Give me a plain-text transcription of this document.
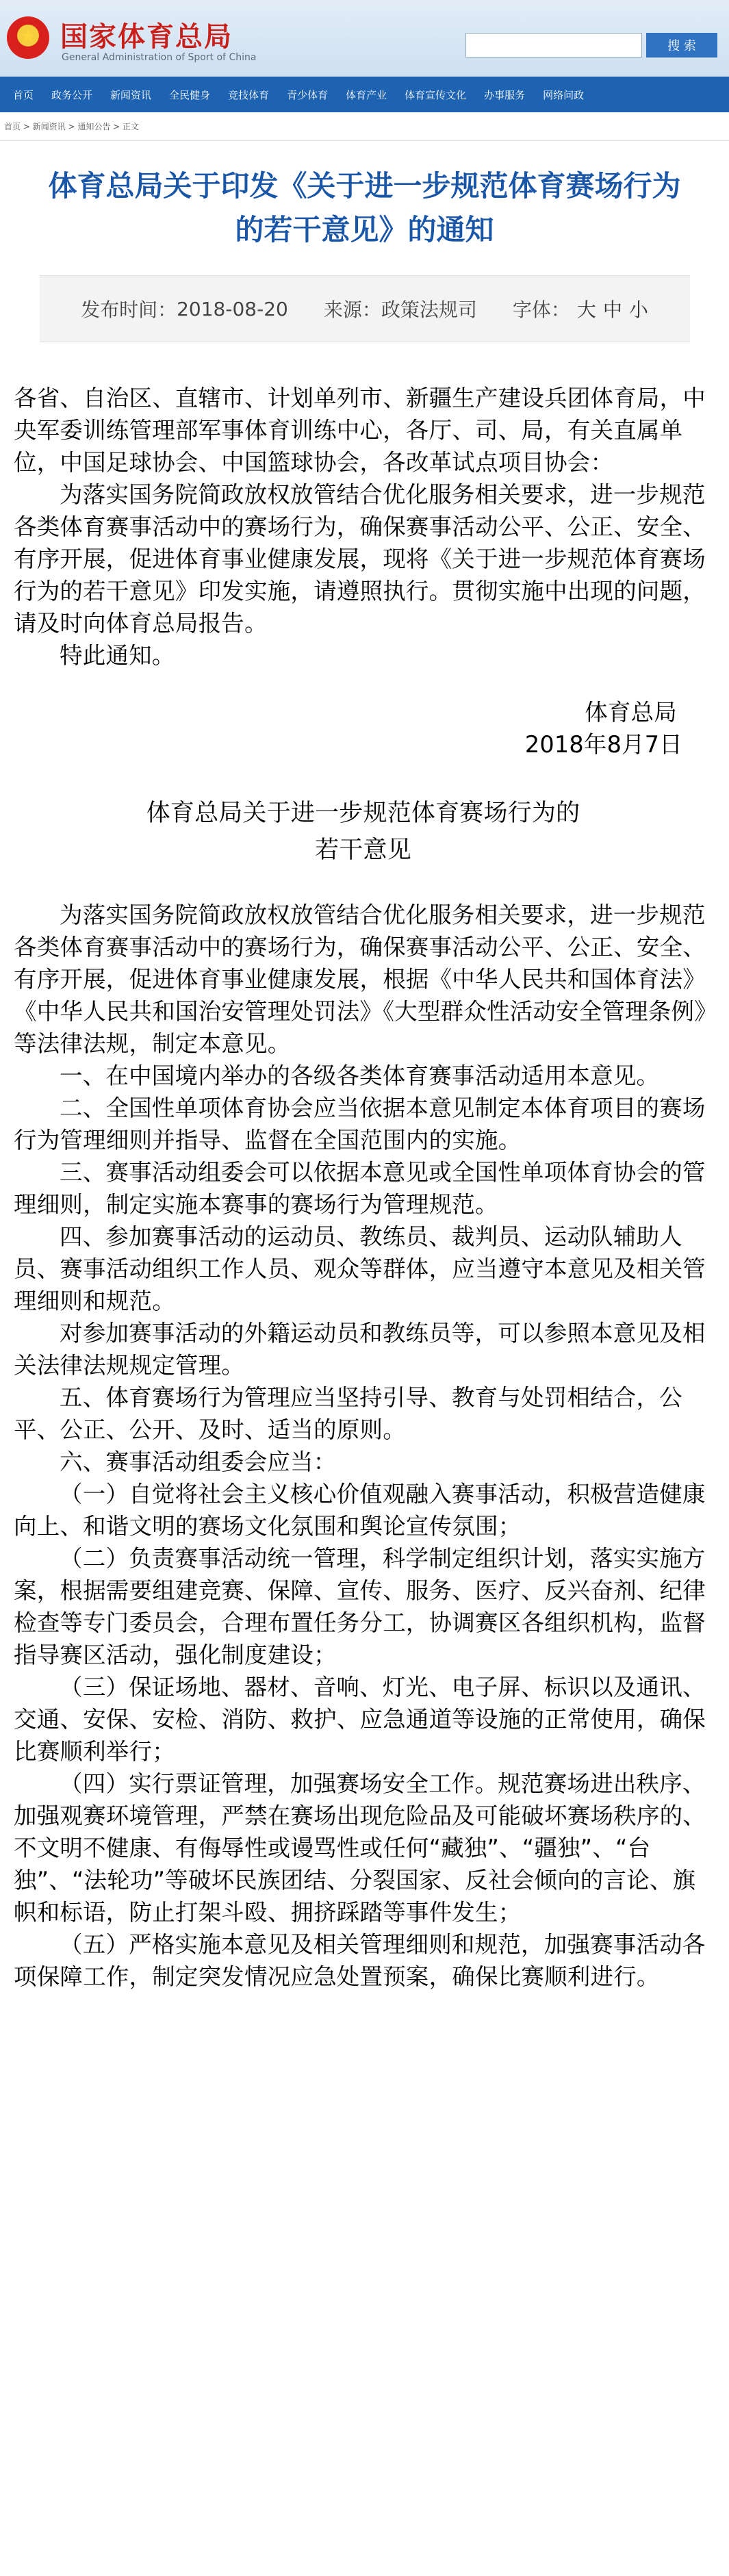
★
国家体育总局
General Administration of Sport of China
搜 索
首页	政务公开	新闻资讯	全民健身	竞技体育	青少体育	体育产业	体育宣传文化	办事服务	网络问政
首页 > 新闻资讯 > 通知公告 > 正文
体育总局关于印发《关于进一步规范体育赛场行为
的若干意见》的通知
发布时间： 2018-08-20 来源： 政策法规司 字体： 大 中 小

各省、自治区、直辖市、计划单列市、新疆生产建设兵团体育局，中央军委训练管理部军事体育训练中心，各厅、司、局，有关直属单位，中国足球协会、中国篮球协会，各改革试点项目协会：

为落实国务院简政放权放管结合优化服务相关要求，进一步规范各类体育赛事活动中的赛场行为，确保赛事活动公平、公正、安全、有序开展，促进体育事业健康发展，现将《关于进一步规范体育赛场行为的若干意见》印发实施，请遵照执行。贯彻实施中出现的问题，请及时向体育总局报告。

特此通知。

体育总局

2018年8月7日

体育总局关于进一步规范体育赛场行为的
若干意见

为落实国务院简政放权放管结合优化服务相关要求，进一步规范各类体育赛事活动中的赛场行为，确保赛事活动公平、公正、安全、有序开展，促进体育事业健康发展，根据《中华人民共和国体育法》《中华人民共和国治安管理处罚法》《大型群众性活动安全管理条例》等法律法规，制定本意见。

一、在中国境内举办的各级各类体育赛事活动适用本意见。

二、全国性单项体育协会应当依据本意见制定本体育项目的赛场行为管理细则并指导、监督在全国范围内的实施。

三、赛事活动组委会可以依据本意见或全国性单项体育协会的管理细则，制定实施本赛事的赛场行为管理规范。

四、参加赛事活动的运动员、教练员、裁判员、运动队辅助人员、赛事活动组织工作人员、观众等群体，应当遵守本意见及相关管理细则和规范。

对参加赛事活动的外籍运动员和教练员等，可以参照本意见及相关法律法规规定管理。

五、体育赛场行为管理应当坚持引导、教育与处罚相结合，公平、公正、公开、及时、适当的原则。

六、赛事活动组委会应当：

（一）自觉将社会主义核心价值观融入赛事活动，积极营造健康向上、和谐文明的赛场文化氛围和舆论宣传氛围；

（二）负责赛事活动统一管理，科学制定组织计划，落实实施方案，根据需要组建竞赛、保障、宣传、服务、医疗、反兴奋剂、纪律检查等专门委员会，合理布置任务分工，协调赛区各组织机构，监督指导赛区活动，强化制度建设；

（三）保证场地、器材、音响、灯光、电子屏、标识以及通讯、交通、安保、安检、消防、救护、应急通道等设施的正常使用，确保比赛顺利举行；

（四）实行票证管理，加强赛场安全工作。规范赛场进出秩序、加强观赛环境管理，严禁在赛场出现危险品及可能破坏赛场秩序的、不文明不健康、有侮辱性或谩骂性或任何“藏独”、“疆独”、“台独”、“法轮功”等破坏民族团结、分裂国家、反社会倾向的言论、旗帜和标语，防止打架斗殴、拥挤踩踏等事件发生；

（五）严格实施本意见及相关管理细则和规范，加强赛事活动各项保障工作，制定突发情况应急处置预案，确保比赛顺利进行。
